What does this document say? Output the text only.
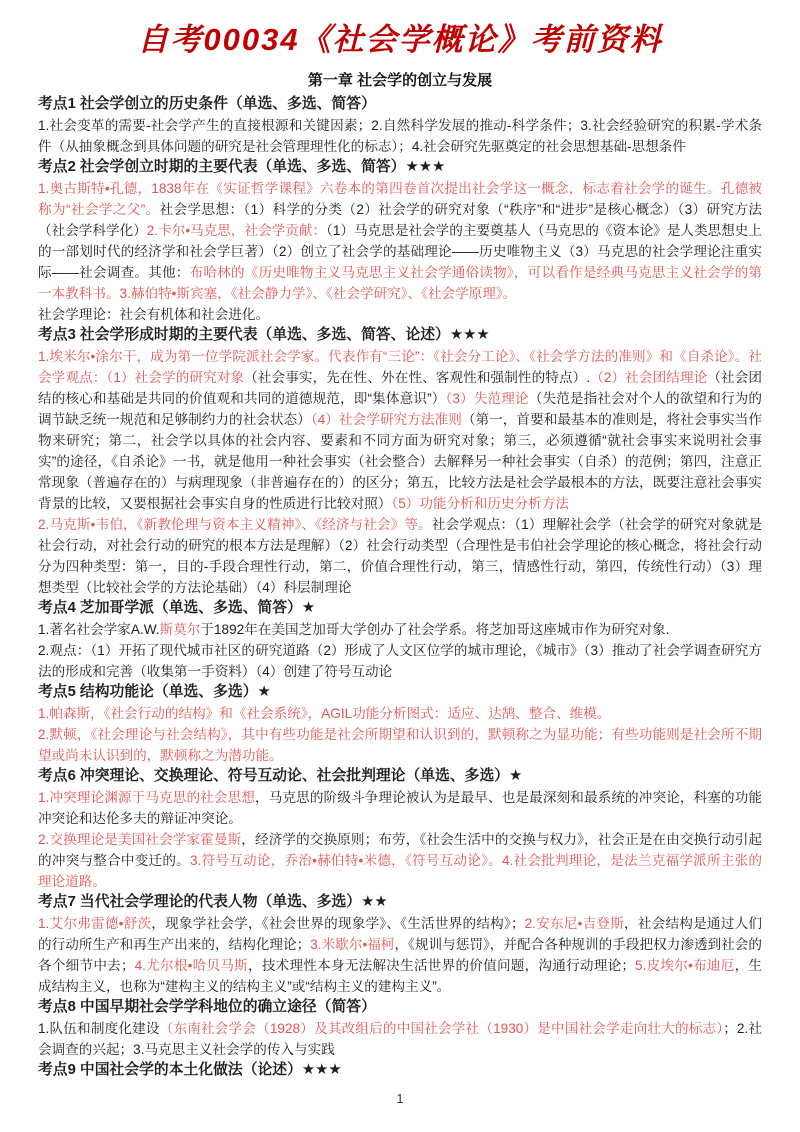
自考00034《社会学概论》考前资料
第一章 社会学的创立与发展
考点1 社会学创立的历史条件（单选、多选、简答）
1.社会变革的需要-社会学产生的直接根源和关键因素；2.自然科学发展的推动-科学条件；3.社会经验研究的积累-学术条件（从抽象概念到具体问题的研究是社会管理理性化的标志）；4.社会研究先驱奠定的社会思想基础-思想条件
考点2 社会学创立时期的主要代表（单选、多选、简答）★★★
1.奥古斯特•孔德，1838年在《实证哲学课程》六卷本的第四卷首次提出社会学这一概念，标志着社会学的诞生。孔德被称为“社会学之父”。社会学思想：（1）科学的分类（2）社会学的研究对象（“秩序”和“进步”是核心概念）（3）研究方法（社会学科学化）2.卡尔•马克思，社会学贡献：（1）马克思是社会学的主要奠基人（马克思的《资本论》是人类思想史上的一部划时代的经济学和社会学巨著）（2）创立了社会学的基础理论——历史唯物主义（3）马克思的社会学理论注重实际——社会调查。其他：布哈林的《历史唯物主义马克思主义社会学通俗读物》，可以看作是经典马克思主义社会学的第一本教科书。3.赫伯特•斯宾塞，《社会静力学》、《社会学研究》、《社会学原理》。
社会学理论：社会有机体和社会进化。
考点3 社会学形成时期的主要代表（单选、多选、简答、论述）★★★
1.埃米尔•涂尔干，成为第一位学院派社会学家。代表作有“三论”：《社会分工论》、《社会学方法的准则》和《自杀论》。社会学观点：（1）社会学的研究对象（社会事实，先在性、外在性、客观性和强制性的特点）.（2）社会团结理论（社会团结的核心和基础是共同的价值观和共同的道德规范，即“集体意识”）（3）失范理论（失范是指社会对个人的欲望和行为的调节缺乏统一规范和足够制约力的社会状态）（4）社会学研究方法准则（第一，首要和最基本的准则是，将社会事实当作物来研究；第二，社会学以具体的社会内容、要素和不同方面为研究对象；第三，必须遵循“就社会事实来说明社会事实”的途径，《自杀论》一书，就是他用一种社会事实（社会整合）去解释另一种社会事实（自杀）的范例；第四，注意正常现象（普遍存在的）与病理现象（非普遍存在的）的区分；第五，比较方法是社会学最根本的方法，既要注意社会事实背景的比较，又要根据社会事实自身的性质进行比较对照）（5）功能分析和历史分析方法
2.马克斯•韦伯，《新教伦理与资本主义精神》、《经济与社会》等。社会学观点：（1）理解社会学（社会学的研究对象就是社会行动，对社会行动的研究的根本方法是理解）（2）社会行动类型（合理性是韦伯社会学理论的核心概念，将社会行动分为四种类型：第一，目的-手段合理性行动，第二，价值合理性行动，第三，情感性行动，第四，传统性行动）（3）理想类型（比较社会学的方法论基础）（4）科层制理论
考点4 芝加哥学派（单选、多选、简答）★
1.著名社会学家A.W.斯莫尔于1892年在美国芝加哥大学创办了社会学系。将芝加哥这座城市作为研究对象.
2.观点：（1）开拓了现代城市社区的研究道路（2）形成了人文区位学的城市理论，《城市》（3）推动了社会学调查研究方法的形成和完善（收集第一手资料）（4）创建了符号互动论
考点5 结构功能论（单选、多选）★
1.帕森斯，《社会行动的结构》和《社会系统》，AGIL功能分析图式：适应、达鹄、整合、维模。
2.默顿，《社会理论与社会结构》，其中有些功能是社会所期望和认识到的，默顿称之为显功能；有些功能则是社会所不期望或尚未认识到的，默顿称之为潜功能。
考点6 冲突理论、交换理论、符号互动论、社会批判理论（单选、多选）★
1.冲突理论渊源于马克思的社会思想，马克思的阶级斗争理论被认为是最早、也是最深刻和最系统的冲突论，科塞的功能冲突论和达伦多夫的辩证冲突论。
2.交换理论是美国社会学家霍曼斯，经济学的交换原则；布劳，《社会生活中的交换与权力》，社会正是在由交换行动引起的冲突与整合中变迁的。3.符号互动论，乔治•赫伯特•米德，《符号互动论》。4.社会批判理论，是法兰克福学派所主张的理论道路。
考点7 当代社会学理论的代表人物（单选、多选）★★
1.艾尔弗雷德•舒茨，现象学社会学，《社会世界的现象学》、《生活世界的结构》；2.安东尼•吉登斯，社会结构是通过人们的行动所生产和再生产出来的，结构化理论；3.米歇尔•福柯，《规训与惩罚》，并配合各种规训的手段把权力渗透到社会的各个细节中去；4.尤尔根•哈贝马斯，技术理性本身无法解决生活世界的价值问题，沟通行动理论；5.皮埃尔•布迪厄，生成结构主义，也称为“建构主义的结构主义”或“结构主义的建构主义”。
考点8 中国早期社会学学科地位的确立途径（简答）
1.队伍和制度化建设（东南社会学会（1928）及其改组后的中国社会学社（1930）是中国社会学走向壮大的标志）；2.社会调查的兴起；3.马克思主义社会学的传入与实践
考点9 中国社会学的本土化做法（论述）★★★
1
